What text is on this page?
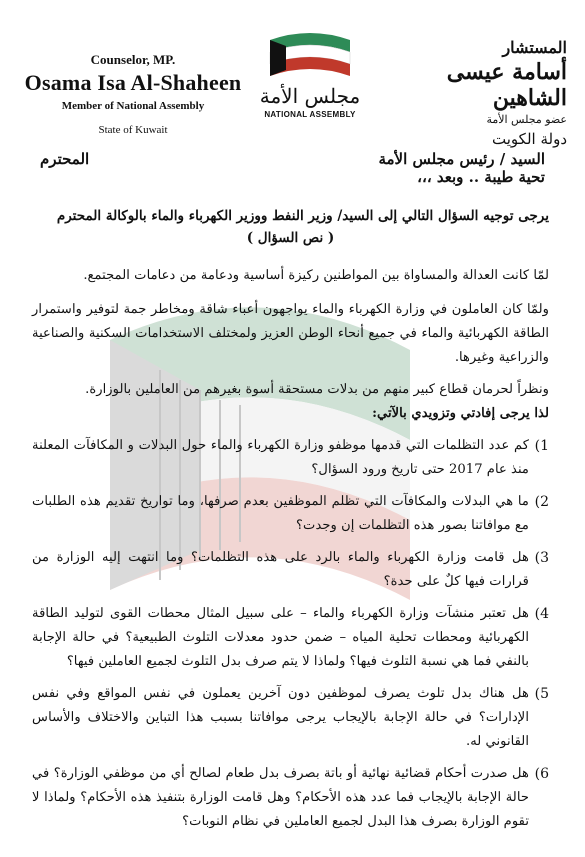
Counselor, MP.
Osama Isa Al-Shaheen
Member of National Assembly
State of Kuwait
مجلس الأمة
NATIONAL ASSEMBLY
المستشار
أسامة عيسى الشاهين
عضو مجلس الأمة
دولة الكويت
السيد / رئيس مجلس الأمة
المحترم
تحية طيبة .. وبعد ،،،
يرجى توجيه السؤال التالي إلى السيد/ وزير النفط ووزير الكهرباء والماء بالوكالة المحترم
( نص السؤال )
لمّا كانت العدالة والمساواة بين المواطنين ركيزة أساسية ودعامة من دعامات المجتمع.
ولمّا كان العاملون في وزارة الكهرباء والماء يواجهون أعباء شاقة ومخاطر جمة لتوفير واستمرار الطاقة الكهربائية والماء في جميع أنحاء الوطن العزيز ولمختلف الاستخدامات السكنية والصناعية والزراعية وغيرها.
ونظراً لحرمان قطاع كبير منهم من بدلات مستحقة أسوة بغيرهم من العاملين بالوزارة.
لذا يرجى إفادتي وتزويدي بالآتي:
1)
كم عدد التظلمات التي قدمها موظفو وزارة الكهرباء والماء حول البدلات و المكافآت المعلنة منذ عام 2017 حتى تاريخ ورود السؤال؟
2)
ما هي البدلات والمكافآت التي تظلم الموظفين بعدم صرفها، وما تواريخ تقديم هذه الطلبات مع موافاتنا بصور هذه التظلمات إن وجدت؟
3)
هل قامت وزارة الكهرباء والماء بالرد على هذه التظلمات؟ وما انتهت إليه الوزارة من قرارات فيها كلٌ على حدة؟
4)
هل تعتبر منشآت وزارة الكهرباء والماء – على سبيل المثال محطات القوى لتوليد الطاقة الكهربائية ومحطات تحلية المياه – ضمن حدود معدلات التلوث الطبيعية؟ في حالة الإجابة بالنفي فما هي نسبة التلوث فيها؟ ولماذا لا يتم صرف بدل التلوث لجميع العاملين فيها؟
5)
هل هناك بدل تلوث يصرف لموظفين دون آخرين يعملون في نفس المواقع وفي نفس الإدارات؟ في حالة الإجابة بالإيجاب يرجى موافاتنا بسبب هذا التباين والاختلاف والأساس القانوني له.
6)
هل صدرت أحكام قضائية نهائية أو باتة بصرف بدل طعام لصالح أي من موظفي الوزارة؟ في حالة الإجابة بالإيجاب فما عدد هذه الأحكام؟ وهل قامت الوزارة بتنفيذ هذه الأحكام؟ ولماذا لا تقوم الوزارة بصرف هذا البدل لجميع العاملين في نظام النوبات؟
